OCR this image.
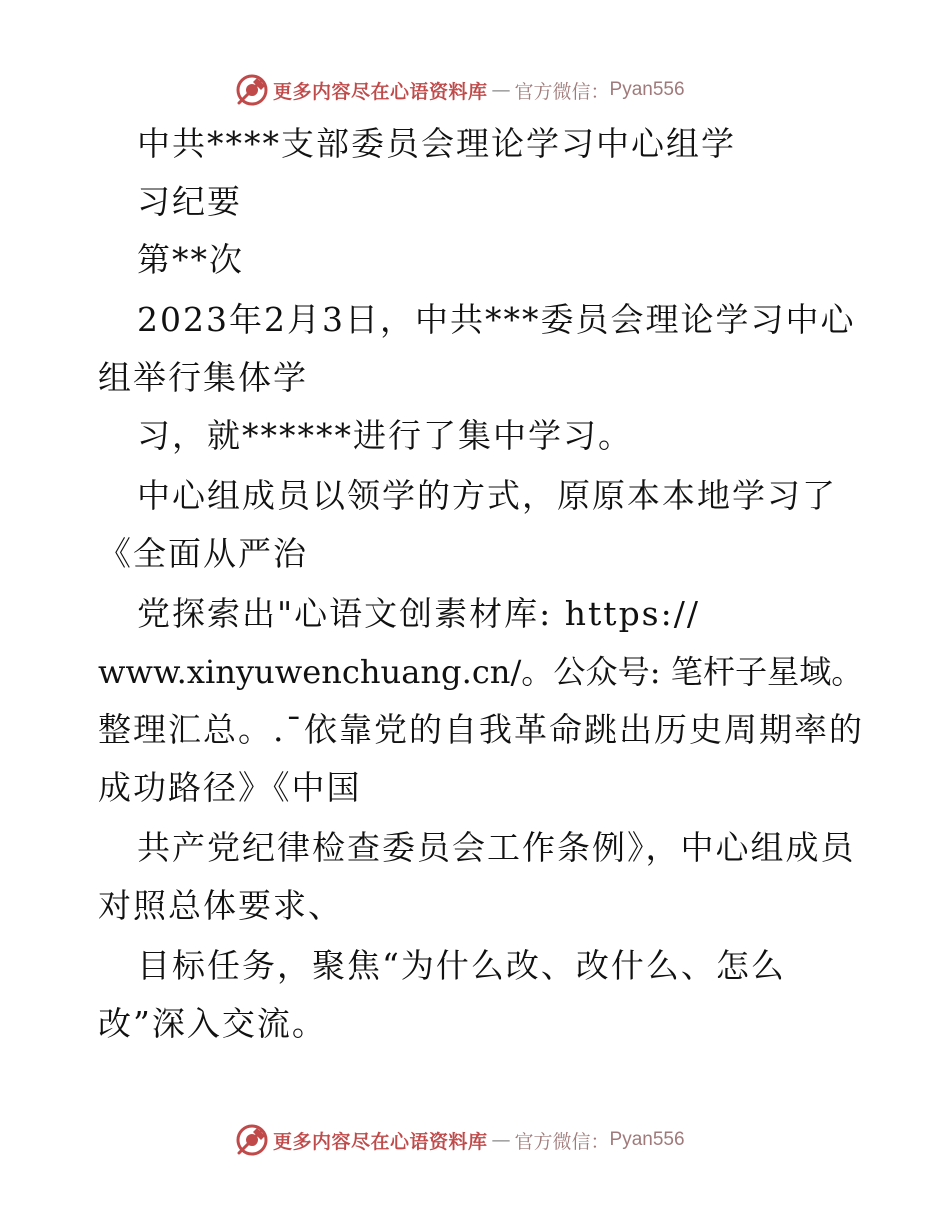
更多内容尽在心语资料库 — 官方微信： Pyan556
中共****支部委员会理论学习中心组学
习纪要
第**次
2023年2月3日，中共***委员会理论学习中心
组举行集体学
习，就******进行了集中学习。
中心组成员以领学的方式，原原本本地学习了
《全面从严治
党探索出"心语文创素材库: https://
www.xinyuwenchuang.cn/。公众号: 笔杆子星域。
整理汇总。.¯依靠党的自我革命跳出历史周期率的
成功路径》《中国
共产党纪律检查委员会工作条例》，中心组成员
对照总体要求、
目标任务，聚焦“为什么改、改什么、怎么
改”深入交流。
更多内容尽在心语资料库 — 官方微信： Pyan556
